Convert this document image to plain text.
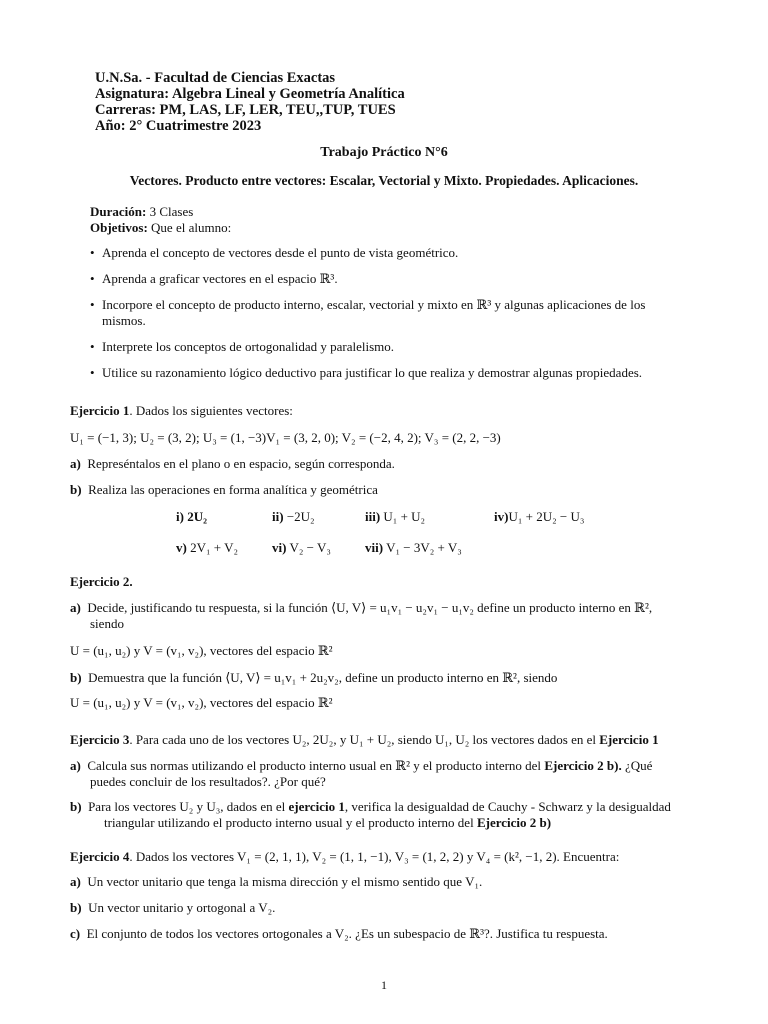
U.N.Sa. - Facultad de Ciencias Exactas
Asignatura: Algebra Lineal y Geometría Analítica
Carreras: PM, LAS, LF, LER, TEU,,TUP, TUES
Año: 2° Cuatrimestre 2023
Trabajo Práctico N°6
Vectores. Producto entre vectores: Escalar, Vectorial y Mixto. Propiedades. Aplicaciones.
Duración: 3 Clases
Objetivos: Que el alumno:
• Aprenda el concepto de vectores desde el punto de vista geométrico.
• Aprenda a graficar vectores en el espacio ℝ³.
• Incorpore el concepto de producto interno, escalar, vectorial y mixto en ℝ³ y algunas aplicaciones de los
mismos.
• Interprete los conceptos de ortogonalidad y paralelismo.
• Utilice su razonamiento lógico deductivo para justificar lo que realiza y demostrar algunas propiedades.
Ejercicio 1. Dados los siguientes vectores:
U₁ = (−1, 3); U₂ = (3, 2); U₃ = (1, −3)V₁ = (3, 2, 0); V₂ = (−2, 4, 2); V₃ = (2, 2, −3)
a) Represéntalos en el plano o en espacio, según corresponda.
b) Realiza las operaciones en forma analítica y geométrica
i) 2U₂	ii) −2U₂	iii) U₁ + U₂	iv)U₁ + 2U₂ − U₃
v) 2V₁ + V₂	vi) V₂ − V₃	vii) V₁ − 3V₂ + V₃
Ejercicio 2.
a) Decide, justificando tu respuesta, si la función ⟨U, V⟩ = u₁v₁ − u₂v₁ − u₁v₂ define un producto interno en ℝ²,
siendo
U = (u₁, u₂) y V = (v₁, v₂), vectores del espacio ℝ²
b) Demuestra que la función ⟨U, V⟩ = u₁v₁ + 2u₂v₂, define un producto interno en ℝ², siendo
U = (u₁, u₂) y V = (v₁, v₂), vectores del espacio ℝ²
Ejercicio 3. Para cada uno de los vectores U₂, 2U₂, y U₁ + U₂, siendo U₁, U₂ los vectores dados en el Ejercicio 1
a) Calcula sus normas utilizando el producto interno usual en ℝ² y el producto interno del Ejercicio 2 b). ¿Qué
puedes concluir de los resultados?. ¿Por qué?
b) Para los vectores U₂ y U₃, dados en el ejercicio 1, verifica la desigualdad de Cauchy - Schwarz y la desigualdad
triangular utilizando el producto interno usual y el producto interno del Ejercicio 2 b)
Ejercicio 4. Dados los vectores V₁ = (2, 1, 1), V₂ = (1, 1, −1), V₃ = (1, 2, 2) y V₄ = (k², −1, 2). Encuentra:
a) Un vector unitario que tenga la misma dirección y el mismo sentido que V₁.
b) Un vector unitario y ortogonal a V₂.
c) El conjunto de todos los vectores ortogonales a V₂. ¿Es un subespacio de ℝ³?. Justifica tu respuesta.
1
